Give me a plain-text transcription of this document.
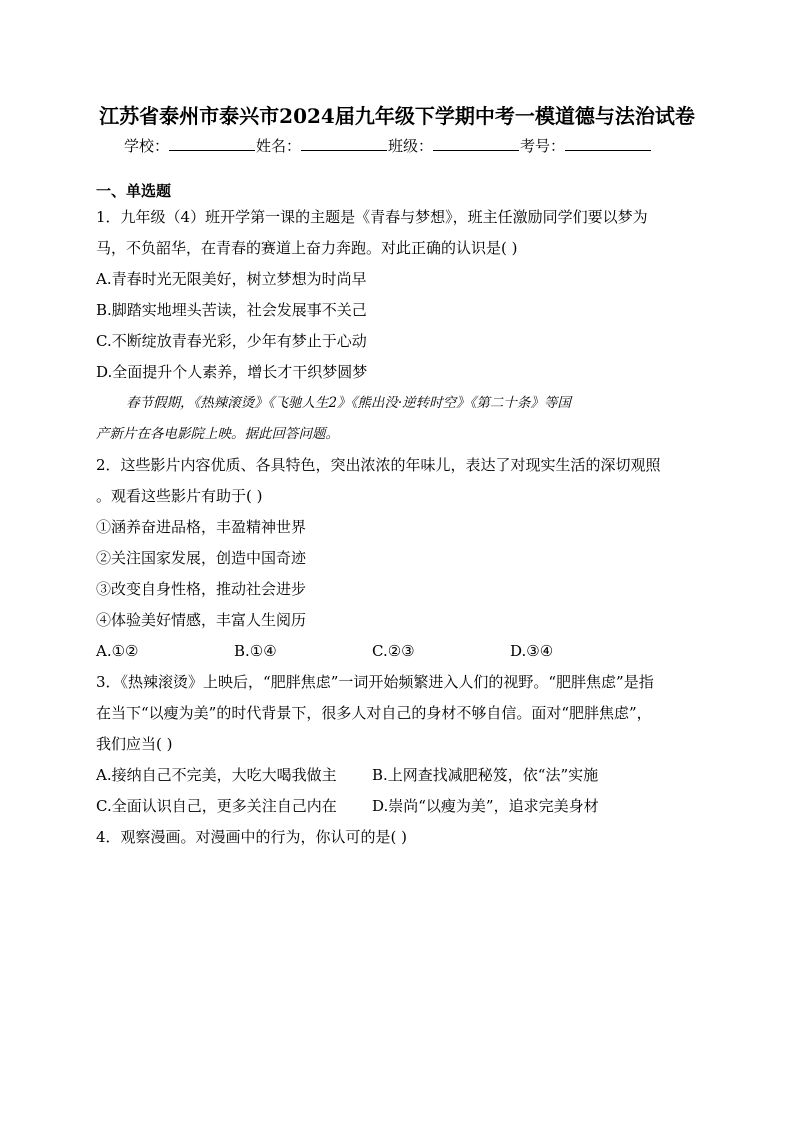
江苏省泰州市泰兴市2024届九年级下学期中考一模道德与法治试卷
学校：	姓名：	班级：	考号：
一、单选题
1．九年级（4）班开学第一课的主题是《青春与梦想》，班主任激励同学们要以梦为
马，不负韶华，在青春的赛道上奋力奔跑。对此正确的认识是( )
A.青春时光无限美好，树立梦想为时尚早
B.脚踏实地埋头苦读，社会发展事不关己
C.不断绽放青春光彩，少年有梦止于心动
D.全面提升个人素养，增长才干织梦圆梦
春节假期，《热辣滚烫》《飞驰人生2》《熊出没·逆转时空》《第二十条》等国
产新片在各电影院上映。据此回答问题。
2．这些影片内容优质、各具特色，突出浓浓的年味儿，表达了对现实生活的深切观照
。观看这些影片有助于( )
①涵养奋进品格，丰盈精神世界
②关注国家发展，创造中国奇迹
③改变自身性格，推动社会进步
④体验美好情感，丰富人生阅历
A.①②	B.①④	C.②③	D.③④
3．《热辣滚烫》上映后，“肥胖焦虑”一词开始频繁进入人们的视野。“肥胖焦虑”是指
在当下“以瘦为美”的时代背景下，很多人对自己的身材不够自信。面对“肥胖焦虑”，
我们应当( )
A.接纳自己不完美，大吃大喝我做主	B.上网查找减肥秘笈，依“法”实施
C.全面认识自己，更多关注自己内在	D.崇尚“以瘦为美”，追求完美身材
4．观察漫画。对漫画中的行为，你认可的是( )
